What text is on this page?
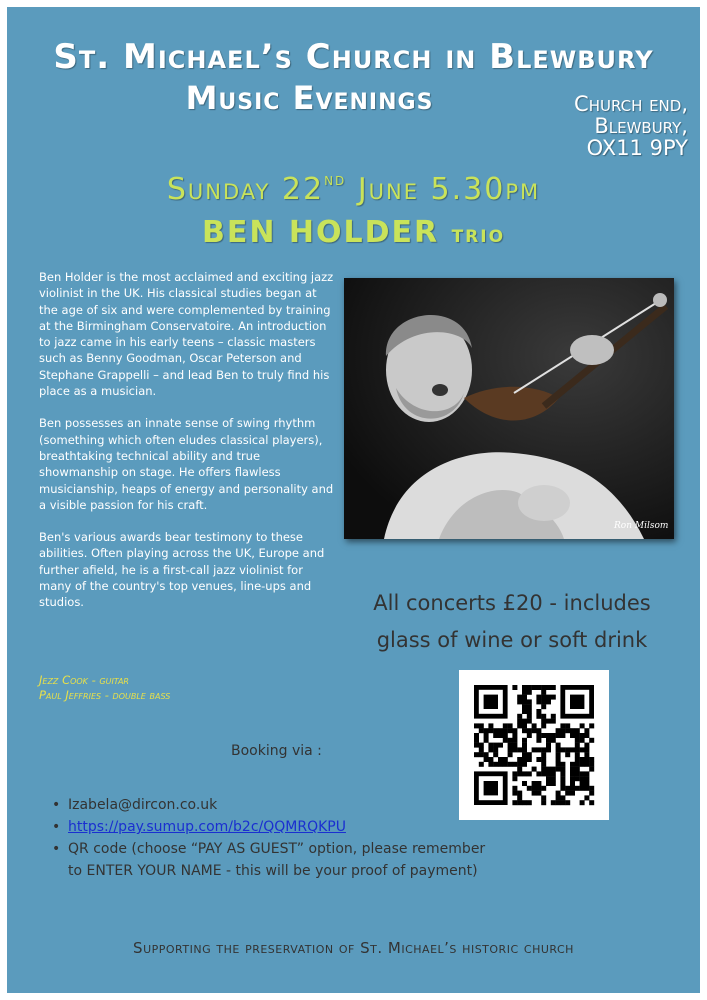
St. Michael’s Church in Blewbury
Music Evenings	Church end,
Blewbury,
OX11 9PY
Sunday 22nd June 5.30pm
BEN HOLDER trio

Ben Holder is the most acclaimed and exciting jazz violinist in the UK. His classical studies began at the age of six and were complemented by training at the Birmingham Conservatoire. An introduction to jazz came in his early teens – classic masters such as Benny Goodman, Oscar Peterson and Stephane Grappelli – and lead Ben to truly find his place as a musician.

Ben possesses an innate sense of swing rhythm (something which often eludes classical players), breathtaking technical ability and true showmanship on stage. He offers flawless musicianship, heaps of energy and personality and a visible passion for his craft.

Ben's various awards bear testimony to these abilities. Often playing across the UK, Europe and further afield, he is a first-call jazz violinist for many of the country's top venues, line-ups and studios.

Jezz Cook - guitar
Paul Jeffries - double bass
Ron Milsom
All concerts £20 - includes
glass of wine or soft drink
Booking via :
• Izabela@dircon.co.uk
• https://pay.sumup.com/b2c/QQMRQKPU
• QR code (choose “PAY AS GUEST” option, please remember
to ENTER YOUR NAME - this will be your proof of payment)
Supporting the preservation of St. Michael’s historic church
